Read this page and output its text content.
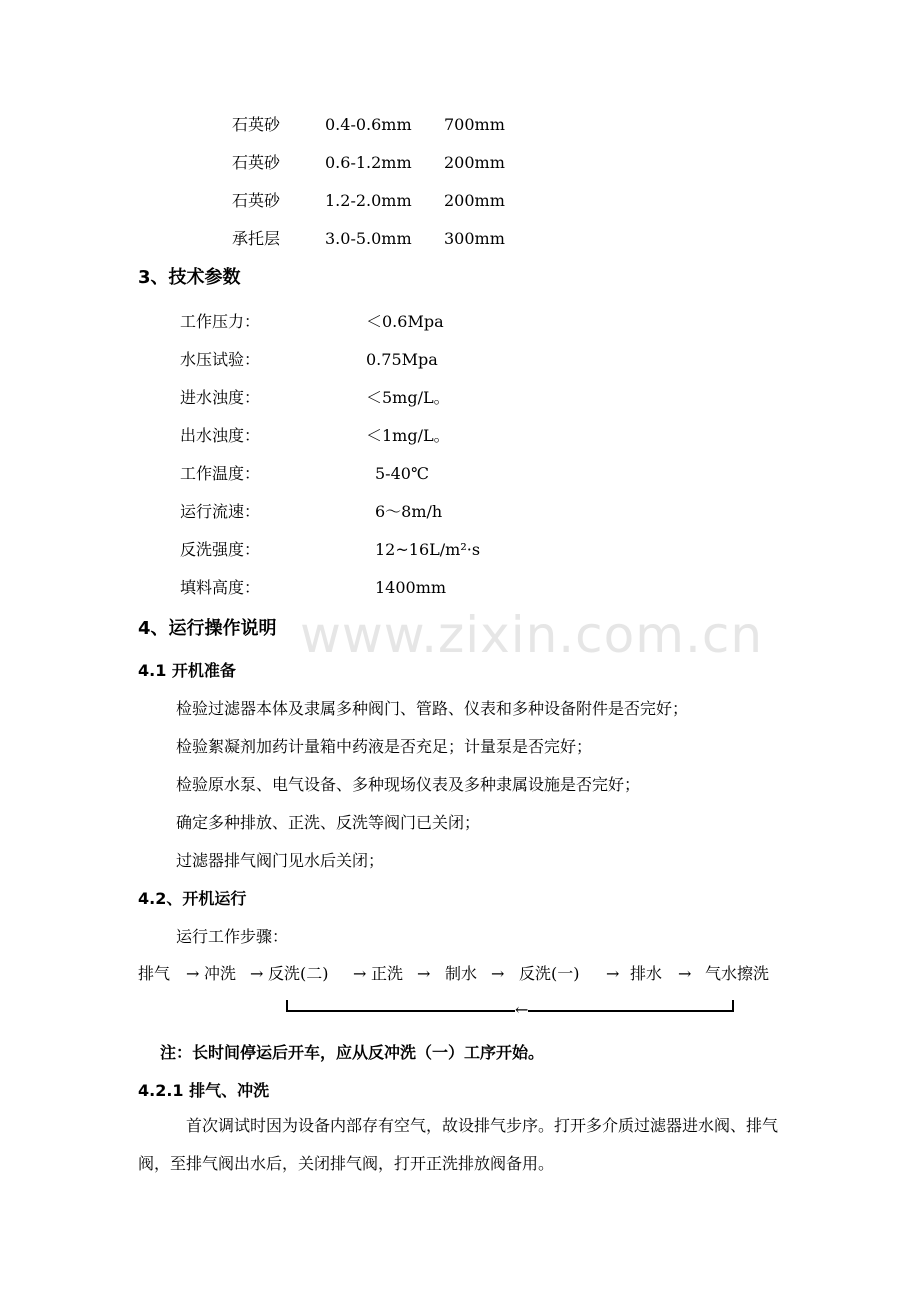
www.zixin.com.cn
石英砂	0.4-0.6mm 700mm
石英砂	0.6-1.2mm 200mm
石英砂	1.2-2.0mm 200mm
承托层	3.0-5.0mm 300mm
3、技术参数
工作压力：	＜0.6Mpa
水压试验：	0.75Mpa
进水浊度：	＜5mg/L。
出水浊度：	＜1mg/L。
工作温度：	5-40℃
运行流速：	6～8m/h
反洗强度：	12~16L/m²·s
填料高度：	1400mm
4、运行操作说明
4.1 开机准备
检验过滤器本体及隶属多种阀门、管路、仪表和多种设备附件是否完好；
检验絮凝剂加药计量箱中药液是否充足；计量泵是否完好；
检验原水泵、电气设备、多种现场仪表及多种隶属设施是否完好；
确定多种排放、正洗、反洗等阀门已关闭；
过滤器排气阀门见水后关闭；
4.2、开机运行
运行工作步骤：
排气 → 冲洗 → 反洗(二) → 正洗 → 制水 → 反洗(一) → 排水 → 气水擦洗
←
注：长时间停运后开车，应从反冲洗（一）工序开始。
4.2.1 排气、冲洗
首次调试时因为设备内部存有空气，故设排气步序。打开多介质过滤器进水阀、排气阀，至排气阀出水后，关闭排气阀，打开正洗排放阀备用。
